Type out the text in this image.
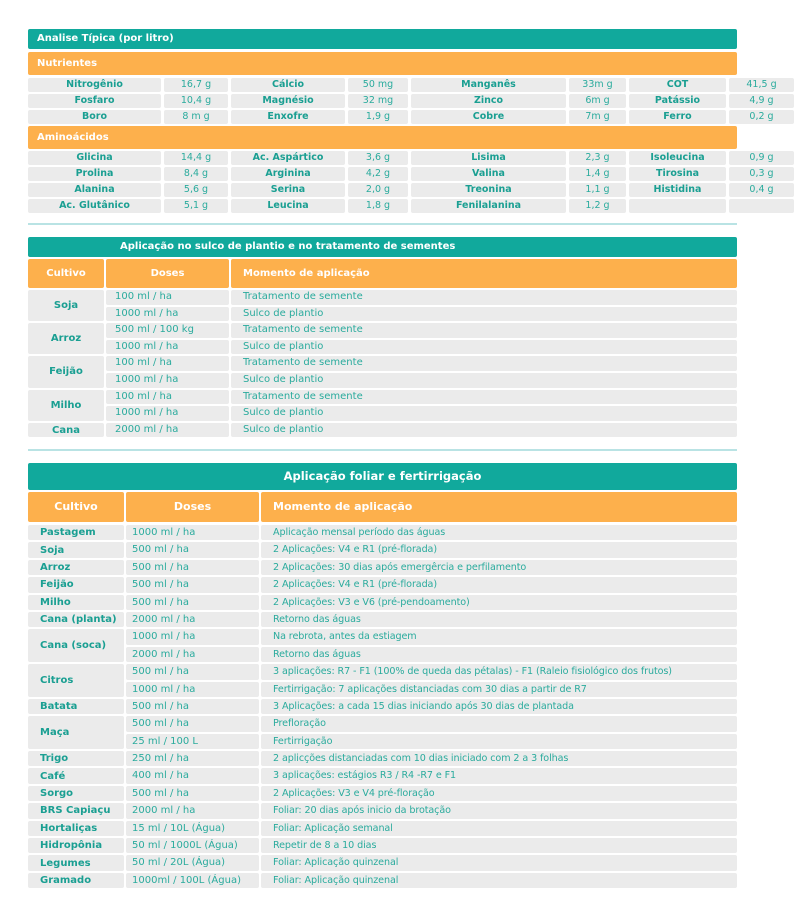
Analise Típica (por litro)
Nutrientes
Nitrogênio	16,7 g	Cálcio	50 mg	Manganês	33m g	COT	41,5 g
Fosfaro	10,4 g	Magnésio	32 mg	Zinco	6m g	Patássio	4,9 g
Boro	8 m g	Enxofre	1,9 g	Cobre	7m g	Ferro	0,2 g
Aminoácidos
Glicina	14,4 g	Ac. Aspártico	3,6 g	Lisima	2,3 g	Isoleucina	0,9 g
Prolina	8,4 g	Arginina	4,2 g	Valina	1,4 g	Tirosina	0,3 g
Alanina	5,6 g	Serina	2,0 g	Treonina	1,1 g	Histidina	0,4 g
Ac. Glutânico	5,1 g	Leucina	1,8 g	Fenilalanina	1,2 g
Aplicação no sulco de plantio e no tratamento de sementes
Cultivo	Doses	Momento de aplicação
Soja
100 ml / ha	Tratamento de semente
1000 ml / ha	Sulco de plantio
Arroz
500 ml / 100 kg	Tratamento de semente
1000 ml / ha	Sulco de plantio
Feijão
100 ml / ha	Tratamento de semente
1000 ml / ha	Sulco de plantio
Milho
100 ml / ha	Tratamento de semente
1000 ml / ha	Sulco de plantio
Cana	2000 ml / ha	Sulco de plantio
Aplicação foliar e fertirrigação
Cultivo	Doses	Momento de aplicação
Pastagem	1000 ml / ha	Aplicação mensal período das águas
Soja	500 ml / ha	2 Aplicações: V4 e R1 (pré-florada)
Arroz	500 ml / ha	2 Aplicações: 30 dias após emergêrcia e perfilamento
Feijão	500 ml / ha	2 Aplicações: V4 e R1 (pré-florada)
Milho	500 ml / ha	2 Aplicações: V3 e V6 (pré-pendoamento)
Cana (planta)	2000 ml / ha	Retorno das águas
Cana (soca)
1000 ml / ha	Na rebrota, antes da estiagem
2000 ml / ha	Retorno das águas
Citros
500 ml / ha	3 aplicações: R7 - F1 (100% de queda das pétalas) - F1 (Raleio fisiológico dos frutos)
1000 ml / ha	Fertirrigação: 7 aplicações distanciadas com 30 dias a partir de R7
Batata	500 ml / ha	3 Aplicações: a cada 15 dias iniciando após 30 dias de plantada
Maça
500 ml / ha	Prefloração
25 ml / 100 L	Fertirrigação
Trigo	250 ml / ha	2 aplicções distanciadas com 10 dias iniciado com 2 a 3 folhas
Café	400 ml / ha	3 aplicações: estágios R3 / R4 -R7 e F1
Sorgo	500 ml / ha	2 Aplicações: V3 e V4 pré-floração
BRS Capiaçu	2000 ml / ha	Foliar: 20 dias após inicio da brotação
Hortaliças	15 ml / 10L (Água)	Foliar: Aplicação semanal
Hidropônia	50 ml / 1000L (Água)	Repetir de 8 a 10 dias
Legumes	50 ml / 20L (Água)	Foliar: Aplicação quinzenal
Gramado	1000ml / 100L (Água)	Foliar: Aplicação quinzenal
